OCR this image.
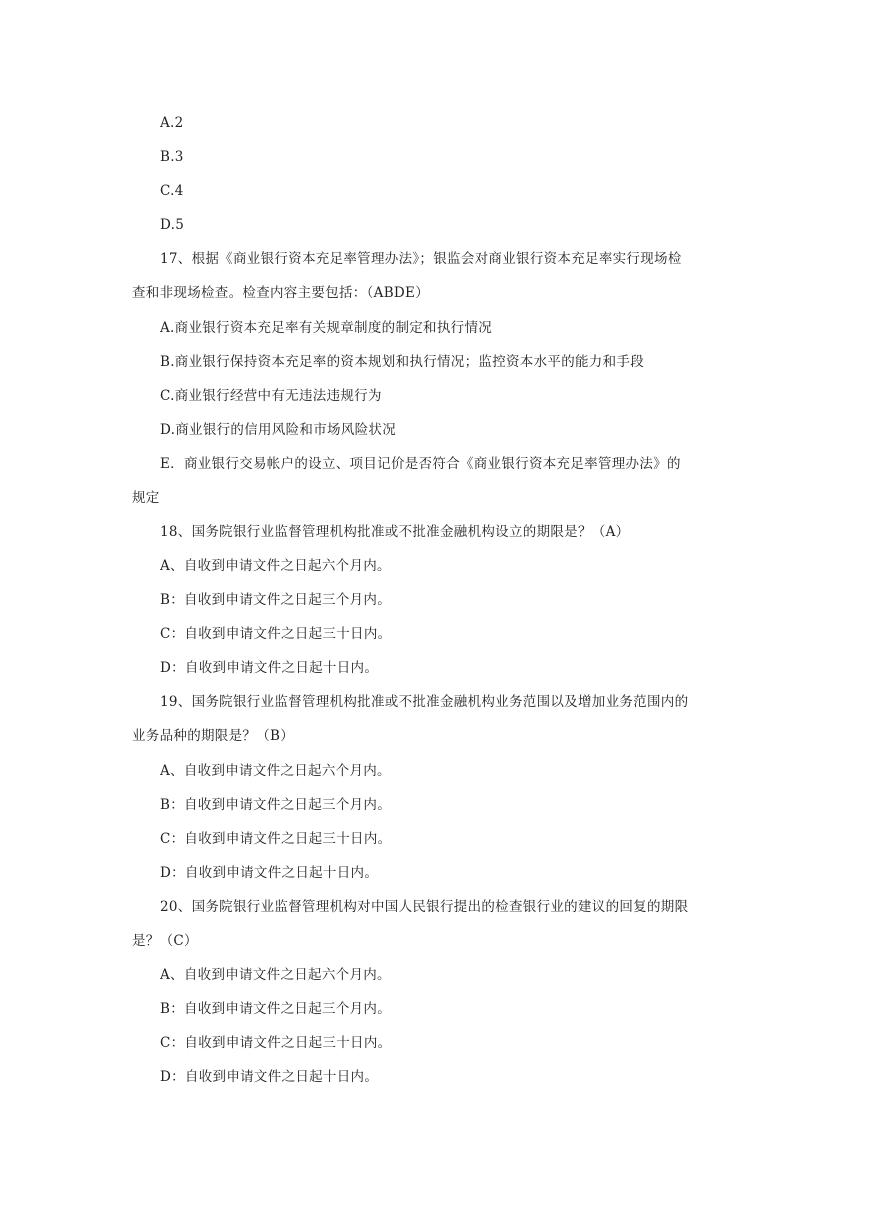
A.2
B.3
C.4
D.5
17、根据《商业银行资本充足率管理办法》；银监会对商业银行资本充足率实行现场检
查和非现场检查。检查内容主要包括：（ABDE）
A.商业银行资本充足率有关规章制度的制定和执行情况
B.商业银行保持资本充足率的资本规划和执行情况；监控资本水平的能力和手段
C.商业银行经营中有无违法违规行为
D.商业银行的信用风险和市场风险状况
E．商业银行交易帐户的设立、项目记价是否符合《商业银行资本充足率管理办法》的
规定
18、国务院银行业监督管理机构批准或不批准金融机构设立的期限是？（A）
A、自收到申请文件之日起六个月内。
B：自收到申请文件之日起三个月内。
C：自收到申请文件之日起三十日内。
D：自收到申请文件之日起十日内。
19、国务院银行业监督管理机构批准或不批准金融机构业务范围以及增加业务范围内的
业务品种的期限是？（B）
A、自收到申请文件之日起六个月内。
B：自收到申请文件之日起三个月内。
C：自收到申请文件之日起三十日内。
D：自收到申请文件之日起十日内。
20、国务院银行业监督管理机构对中国人民银行提出的检查银行业的建议的回复的期限
是？（C）
A、自收到申请文件之日起六个月内。
B：自收到申请文件之日起三个月内。
C：自收到申请文件之日起三十日内。
D：自收到申请文件之日起十日内。
